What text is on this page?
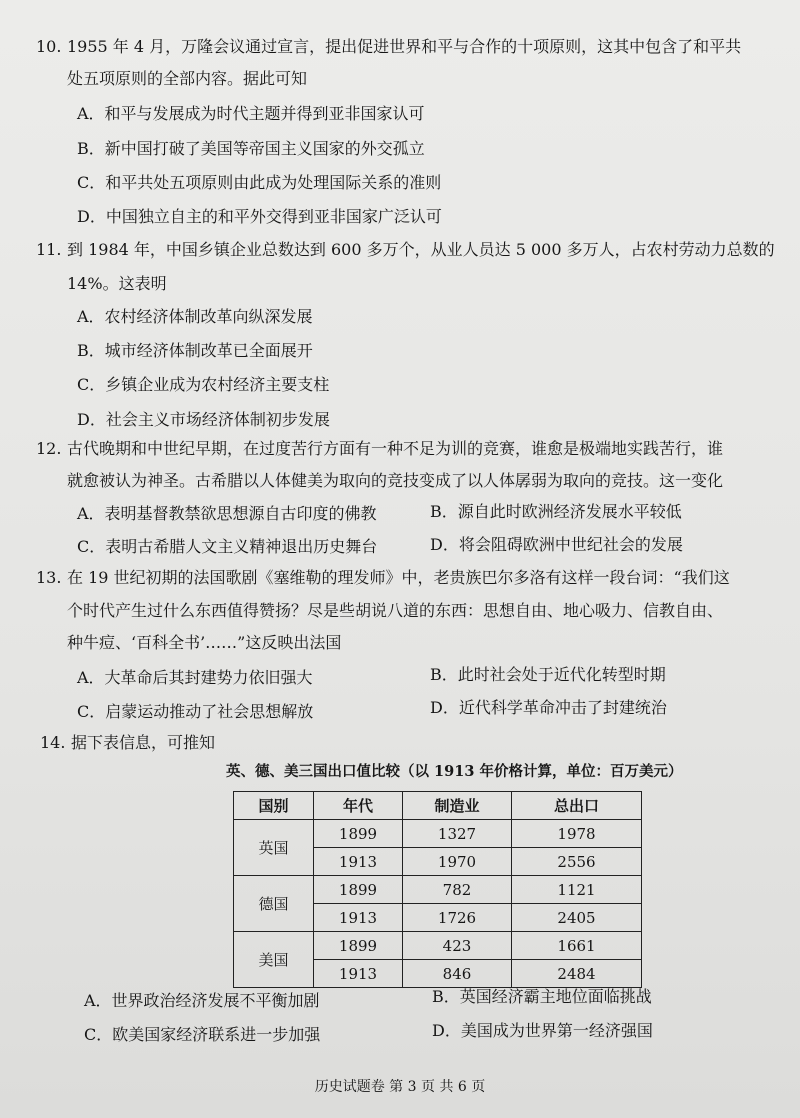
10. 1955 年 4 月，万隆会议通过宣言，提出促进世界和平与合作的十项原则，这其中包含了和平共
处五项原则的全部内容。据此可知
A．和平与发展成为时代主题并得到亚非国家认可
B．新中国打破了美国等帝国主义国家的外交孤立
C．和平共处五项原则由此成为处理国际关系的准则
D．中国独立自主的和平外交得到亚非国家广泛认可
11. 到 1984 年，中国乡镇企业总数达到 600 多万个，从业人员达 5 000 多万人，占农村劳动力总数的
14%。这表明
A．农村经济体制改革向纵深发展
B．城市经济体制改革已全面展开
C．乡镇企业成为农村经济主要支柱
D．社会主义市场经济体制初步发展
12. 古代晚期和中世纪早期，在过度苦行方面有一种不足为训的竞赛，谁愈是极端地实践苦行，谁
就愈被认为神圣。古希腊以人体健美为取向的竞技变成了以人体孱弱为取向的竞技。这一变化
A．表明基督教禁欲思想源自古印度的佛教	B．源自此时欧洲经济发展水平较低
C．表明古希腊人文主义精神退出历史舞台	D．将会阻碍欧洲中世纪社会的发展
13. 在 19 世纪初期的法国歌剧《塞维勒的理发师》中，老贵族巴尔多洛有这样一段台词：“我们这
个时代产生过什么东西值得赞扬？尽是些胡说八道的东西：思想自由、地心吸力、信教自由、
种牛痘、‘百科全书’……”这反映出法国
A．大革命后其封建势力依旧强大	B．此时社会处于近代化转型时期
C．启蒙运动推动了社会思想解放	D．近代科学革命冲击了封建统治
14. 据下表信息，可推知
英、德、美三国出口值比较（以 1913 年价格计算，单位：百万美元）
国别	年代	制造业	总出口
英国	1899	1327	1978
	1913	1970	2556
德国	1899	782	1121
	1913	1726	2405
美国	1899	423	1661
	1913	846	2484
A．世界政治经济发展不平衡加剧	B．英国经济霸主地位面临挑战
C．欧美国家经济联系进一步加强	D．美国成为世界第一经济强国
历史试题卷 第 3 页 共 6 页
